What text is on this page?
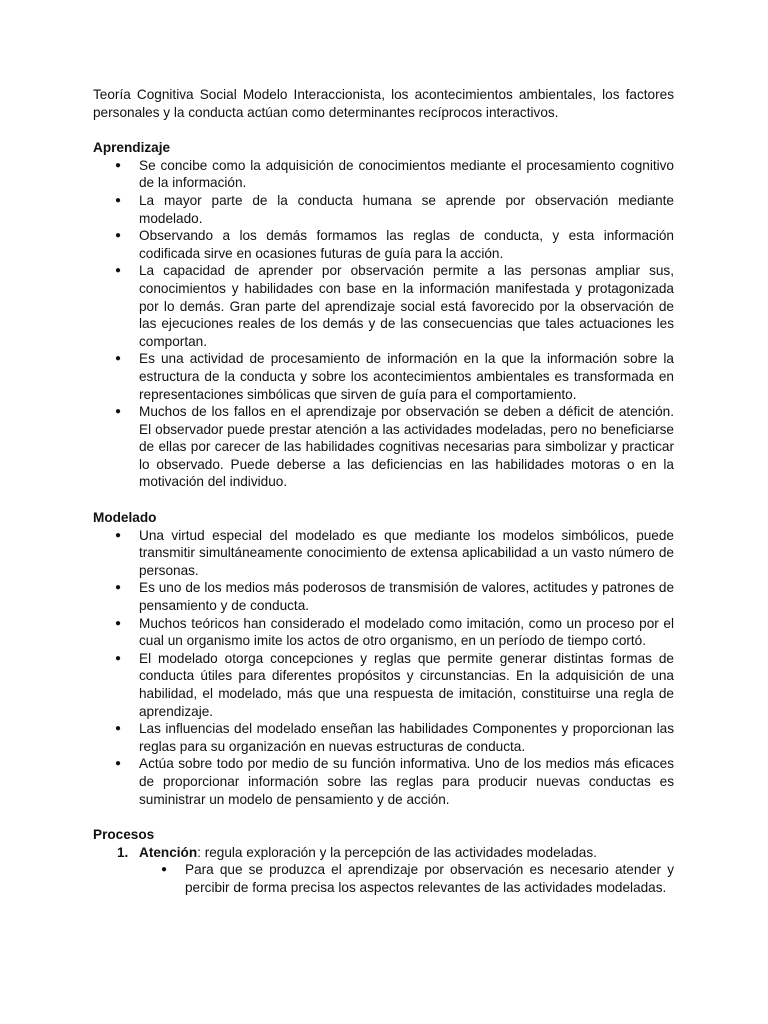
Teoría Cognitiva Social Modelo Interaccionista, los acontecimientos ambientales, los factores personales y la conducta actúan como determinantes recíprocos interactivos.

Aprendizaje
● Se concibe como la adquisición de conocimientos mediante el procesamiento cognitivo de la información.
● La mayor parte de la conducta humana se aprende por observación mediante modelado.
● Observando a los demás formamos las reglas de conducta, y esta información codificada sirve en ocasiones futuras de guía para la acción.
● La capacidad de aprender por observación permite a las personas ampliar sus, conocimientos y habilidades con base en la información manifestada y protagonizada por lo demás. Gran parte del aprendizaje social está favorecido por la observación de las ejecuciones reales de los demás y de las consecuencias que tales actuaciones les comportan.
● Es una actividad de procesamiento de información en la que la información sobre la estructura de la conducta y sobre los acontecimientos ambientales es transformada en representaciones simbólicas que sirven de guía para el comportamiento.
● Muchos de los fallos en el aprendizaje por observación se deben a déficit de atención. El observador puede prestar atención a las actividades modeladas, pero no beneficiarse de ellas por carecer de las habilidades cognitivas necesarias para simbolizar y practicar lo observado. Puede deberse a las deficiencias en las habilidades motoras o en la motivación del individuo.
Modelado
● Una virtud especial del modelado es que mediante los modelos simbólicos, puede transmitir simultáneamente conocimiento de extensa aplicabilidad a un vasto número de personas.
● Es uno de los medios más poderosos de transmisión de valores, actitudes y patrones de pensamiento y de conducta.
● Muchos teóricos han considerado el modelado como imitación, como un proceso por el cual un organismo imite los actos de otro organismo, en un período de tiempo cortó.
● El modelado otorga concepciones y reglas que permite generar distintas formas de conducta útiles para diferentes propósitos y circunstancias. En la adquisición de una habilidad, el modelado, más que una respuesta de imitación, constituirse una regla de aprendizaje.
● Las influencias del modelado enseñan las habilidades Componentes y proporcionan las reglas para su organización en nuevas estructuras de conducta.
● Actúa sobre todo por medio de su función informativa. Uno de los medios más eficaces de proporcionar información sobre las reglas para producir nuevas conductas es suministrar un modelo de pensamiento y de acción.
Procesos
1. Atención: regula exploración y la percepción de las actividades modeladas.
● Para que se produzca el aprendizaje por observación es necesario atender y percibir de forma precisa los aspectos relevantes de las actividades modeladas.
